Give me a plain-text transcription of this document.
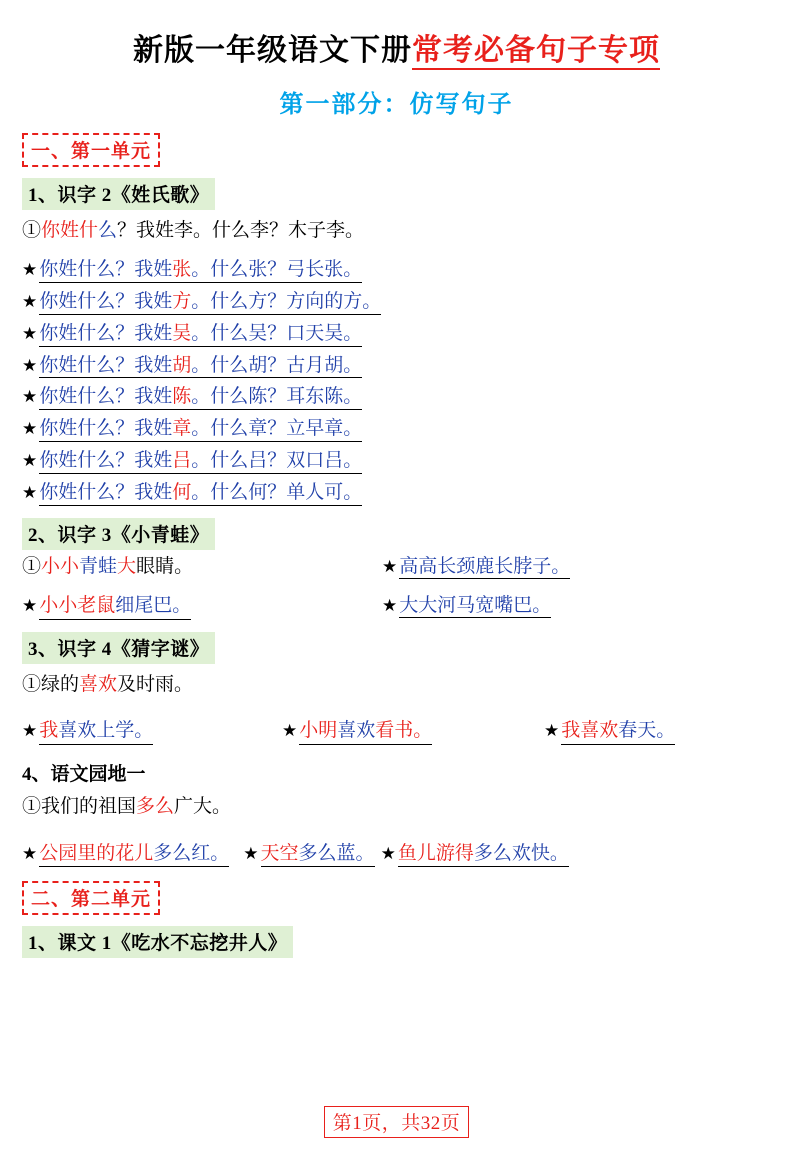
新版一年级语文下册常考必备句子专项
第一部分：仿写句子
一、第一单元
1、识字 2《姓氏歌》
①你姓什么？我姓李。什么李？木子李。
★ 你姓什么？我姓张。什么张？弓长张。
★ 你姓什么？我姓方。什么方？方向的方。
★ 你姓什么？我姓吴。什么吴？口天吴。
★ 你姓什么？我姓胡。什么胡？古月胡。
★ 你姓什么？我姓陈。什么陈？耳东陈。
★ 你姓什么？我姓章。什么章？立早章。
★ 你姓什么？我姓吕。什么吕？双口吕。
★ 你姓什么？我姓何。什么何？单人可。
2、识字 3《小青蛙》
①小小青蛙大眼睛。	★ 高高长颈鹿长脖子。
★ 小小老鼠细尾巴。	★ 大大河马宽嘴巴。
3、识字 4《猜字谜》
①绿的喜欢及时雨。
★ 我喜欢上学。	★ 小明喜欢看书。	★ 我喜欢春天。
4、语文园地一
①我们的祖国多么广大。
★ 公园里的花儿多么红。 ★ 天空多么蓝。 ★ 鱼儿游得多么欢快。
二、第二单元
1、课文 1《吃水不忘挖井人》
第1页，共32页
